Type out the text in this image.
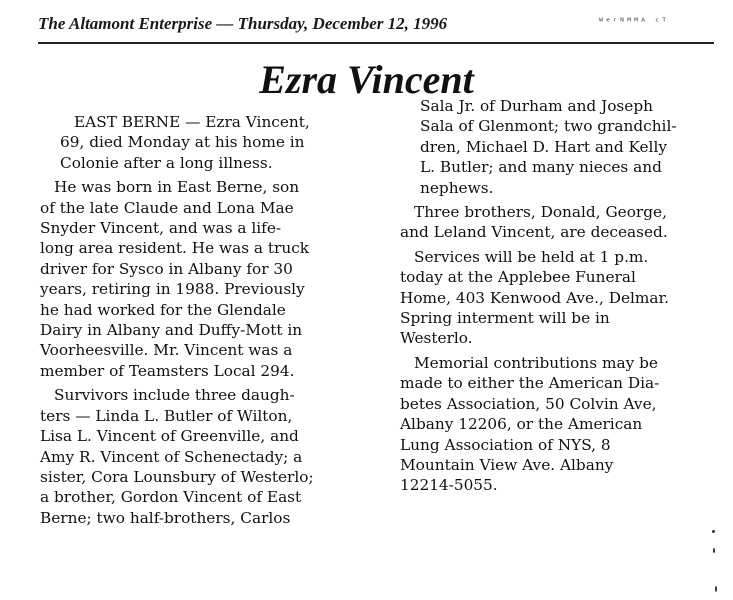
The Altamont Enterprise — Thursday, December 12, 1996	ᵂᵉʳᴺᴹᴹᴬ ᶜᵀ
Ezra Vincent

EAST BERNE — Ezra Vincent,
69, died Monday at his home in
Colonie after a long illness.

He was born in East Berne, son
of the late Claude and Lona Mae
Snyder Vincent, and was a life-
long area resident. He was a truck
driver for Sysco in Albany for 30
years, retiring in 1988. Previously
he had worked for the Glendale
Dairy in Albany and Duffy-Mott in
Voorheesville. Mr. Vincent was a
member of Teamsters Local 294.

Survivors include three daugh-
ters — Linda L. Butler of Wilton,
Lisa L. Vincent of Greenville, and
Amy R. Vincent of Schenectady; a
sister, Cora Lounsbury of Westerlo;
a brother, Gordon Vincent of East
Berne; two half-brothers, Carlos

Sala Jr. of Durham and Joseph
Sala of Glenmont; two grandchil-
dren, Michael D. Hart and Kelly
L. Butler; and many nieces and
nephews.

Three brothers, Donald, George,
and Leland Vincent, are deceased.

Services will be held at 1 p.m.
today at the Applebee Funeral
Home, 403 Kenwood Ave., Delmar.
Spring interment will be in
Westerlo.

Memorial contributions may be
made to either the American Dia-
betes Association, 50 Colvin Ave,
Albany 12206, or the American
Lung Association of NYS, 8
Mountain View Ave. Albany
12214-5055.
